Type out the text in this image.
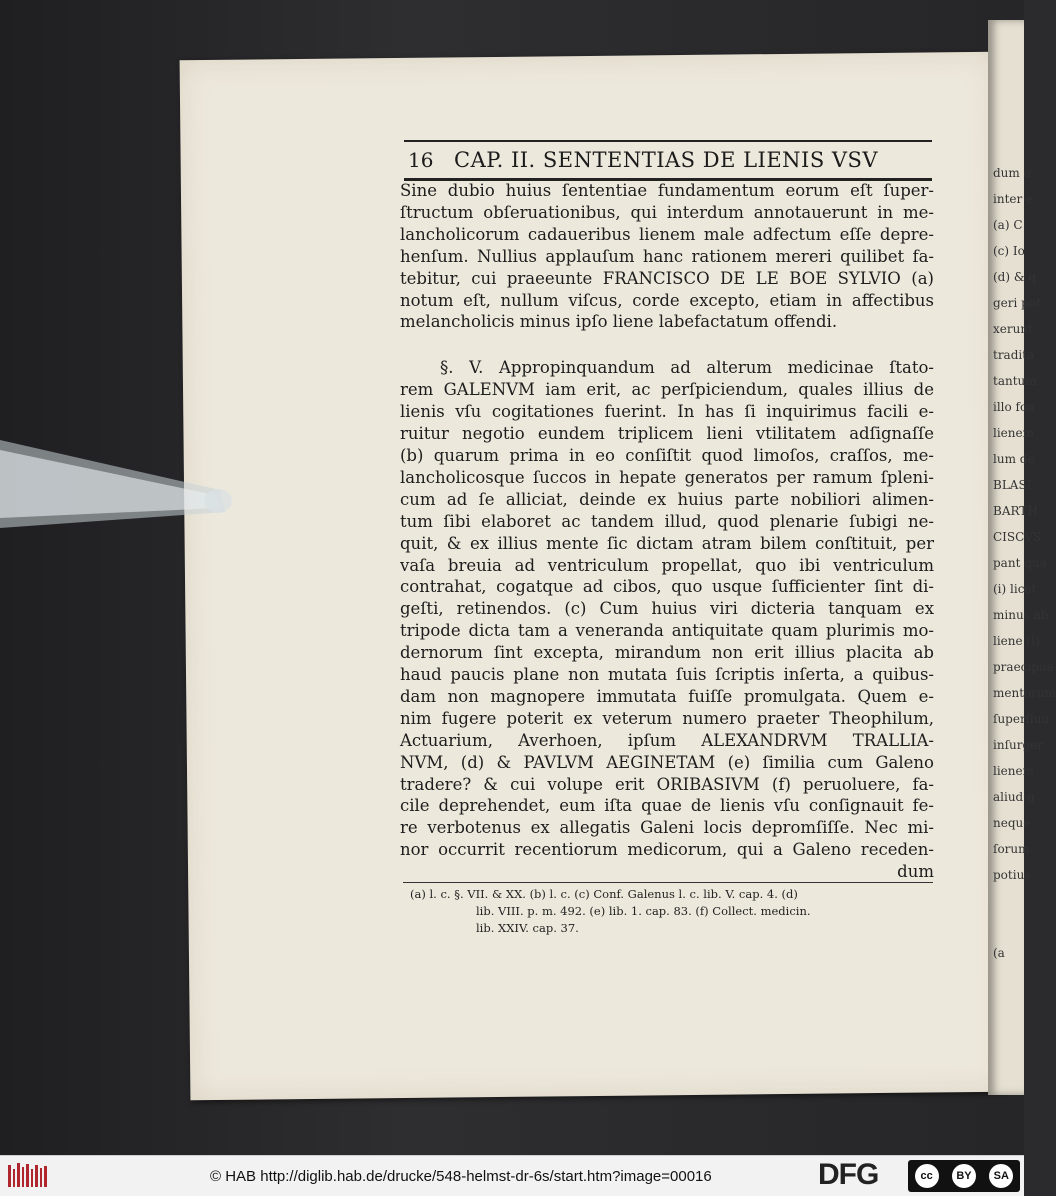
dum e
inter e
(a) C
(c) Io
(d) & q
geri pot
xerunt
tradita
tantum
illo fou
lienem
lum de
BLASI
BARTH
CISCVS
pant qua
(i) licet
minus ab
liene (l)
praecipua
mentorum
ſuperfluu
inſurger
lienem
aliud q
neque
ſorum
potius
(a
16 CAP. II. SENTENTIAS DE LIENIS VSV
Sine dubio huius ſententiae fundamentum eorum eſt ſuper-
ſtructum obſeruationibus, qui interdum annotauerunt in me-
lancholicorum cadaueribus lienem male adfectum eſſe depre-
henſum. Nullius applauſum hanc rationem mereri quilibet fa-
tebitur, cui praeeunte FRANCISCO DE LE BOE SYLVIO (a)
notum eſt, nullum viſcus, corde excepto, etiam in affectibus
melancholicis minus ipſo liene labefactatum offendi.
§. V. Appropinquandum ad alterum medicinae ſtato-
rem GALENVM iam erit, ac perſpiciendum, quales illius de
lienis vſu cogitationes fuerint. In has ſi inquirimus facili e-
ruitur negotio eundem triplicem lieni vtilitatem adſignaſſe
(b) quarum prima in eo conſiſtit quod limoſos, craſſos, me-
lancholicosque ſuccos in hepate generatos per ramum ſpleni-
cum ad ſe alliciat, deinde ex huius parte nobiliori alimen-
tum ſibi elaboret ac tandem illud, quod plenarie ſubigi ne-
quit, & ex illius mente ſic dictam atram bilem conſtituit, per
vaſa breuia ad ventriculum propellat, quo ibi ventriculum
contrahat, cogatque ad cibos, quo usque ſufficienter ſint di-
geſti, retinendos. (c) Cum huius viri dicteria tanquam ex
tripode dicta tam a veneranda antiquitate quam plurimis mo-
dernorum ſint excepta, mirandum non erit illius placita ab
haud paucis plane non mutata ſuis ſcriptis inſerta, a quibus-
dam non magnopere immutata fuiſſe promulgata. Quem e-
nim fugere poterit ex veterum numero praeter Theophilum,
Actuarium, Averhoen, ipſum ALEXANDRVM TRALLIA-
NVM, (d) & PAVLVM AEGINETAM (e) ſimilia cum Galeno
tradere? & cui volupe erit ORIBASIVM (f) peruoluere, fa-
cile deprehendet, eum iſta quae de lienis vſu conſignauit fe-
re verbotenus ex allegatis Galeni locis depromſiſſe. Nec mi-
nor occurrit recentiorum medicorum, qui a Galeno receden-
dum
(a) l. c. §. VII. & XX. (b) l. c. (c) Conf. Galenus l. c. lib. V. cap. 4. (d)
lib. VIII. p. m. 492. (e) lib. 1. cap. 83. (f) Collect. medicin.
lib. XXIV. cap. 37.
© HAB http://diglib.hab.de/drucke/548-helmst-dr-6s/start.htm?image=00016	DFG	cc	BY	SA
